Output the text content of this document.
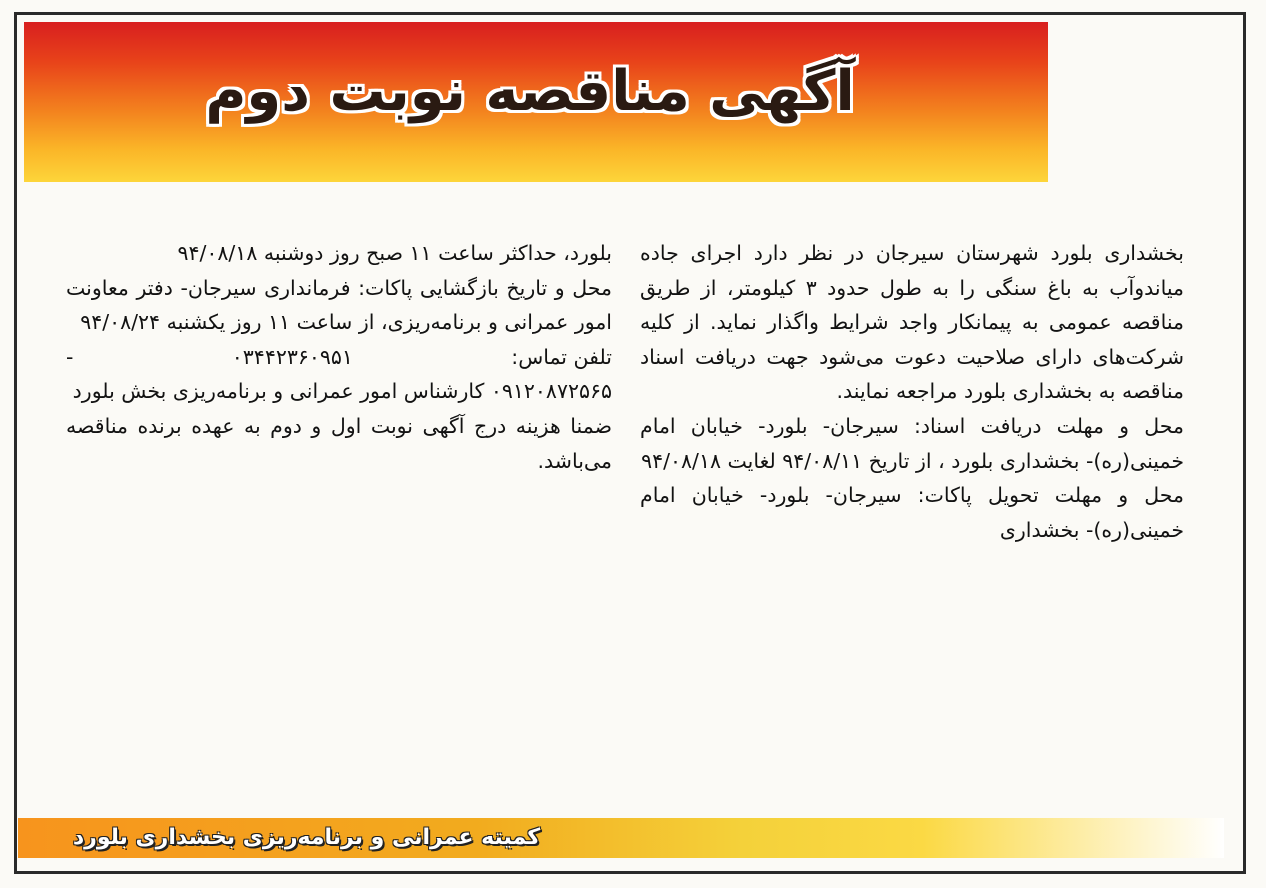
آگهی مناقصه نوبت دوم

بخشداری بلورد شهرستان سیرجان در نظر دارد اجرای جاده میاندوآب به باغ سنگی را به طول حدود ۳ کیلومتر، از طریق مناقصه عمومی به پیمانکار واجد شرایط واگذار نماید. از کلیه شرکت‌های دارای صلاحیت دعوت می‌شود جهت دریافت اسناد مناقصه به بخشداری بلورد مراجعه نمایند.

محل و مهلت دریافت اسناد: سیرجان- بلورد- خیابان امام خمینی(ره)- بخشداری بلورد ، از تاریخ ۹۴/۰۸/۱۱ لغایت ۹۴/۰۸/۱۸

محل و مهلت تحویل پاکات: سیرجان- بلورد- خیابان امام خمینی(ره)- بخشداری

بلورد، حداکثر ساعت ۱۱ صبح روز دوشنبه ۹۴/۰۸/۱۸

محل و تاریخ بازگشایی پاکات: فرمانداری سیرجان- دفتر معاونت امور عمرانی و برنامه‌ریزی، از ساعت ۱۱ روز یکشنبه ۹۴/۰۸/۲۴

تلفن تماس:
۰۳۴۴۲۳۶۰۹۵۱
-

۰۹۱۲۰۸۷۲۵۶۵ کارشناس امور عمرانی و برنامه‌ریزی بخش بلورد

ضمنا هزینه درج آگهی نوبت اول و دوم به عهده برنده مناقصه می‌باشد.

کمیته عمرانی و برنامه‌ریزی بخشداری بلورد
